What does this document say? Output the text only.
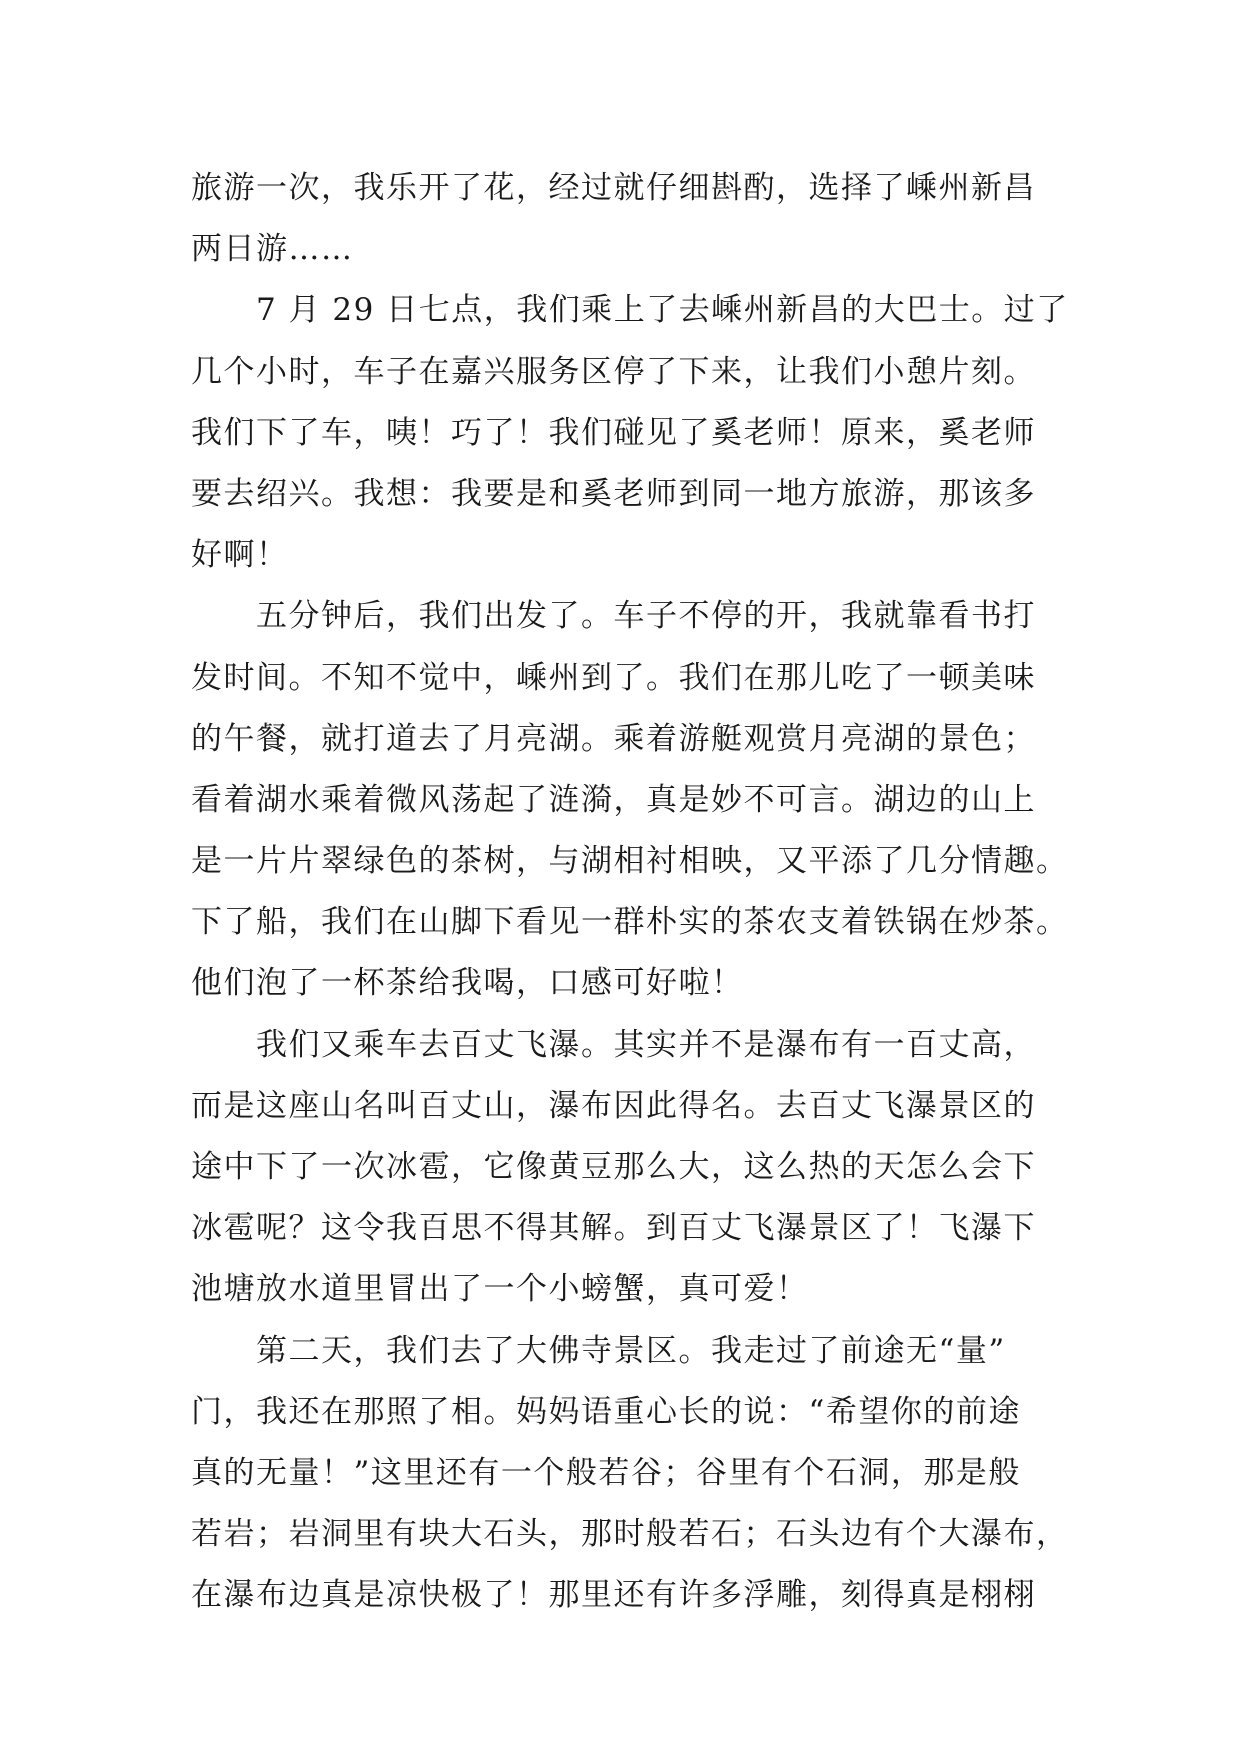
旅游一次，我乐开了花，经过就仔细斟酌，选择了嵊州新昌
两日游……
7 月 29 日七点，我们乘上了去嵊州新昌的大巴士。过了
几个小时，车子在嘉兴服务区停了下来，让我们小憩片刻。
我们下了车，咦！巧了！我们碰见了奚老师！原来，奚老师
要去绍兴。我想：我要是和奚老师到同一地方旅游，那该多
好啊！
五分钟后，我们出发了。车子不停的开，我就靠看书打
发时间。不知不觉中，嵊州到了。我们在那儿吃了一顿美味
的午餐，就打道去了月亮湖。乘着游艇观赏月亮湖的景色；
看着湖水乘着微风荡起了涟漪，真是妙不可言。湖边的山上
是一片片翠绿色的茶树，与湖相衬相映，又平添了几分情趣。
下了船，我们在山脚下看见一群朴实的茶农支着铁锅在炒茶。
他们泡了一杯茶给我喝，口感可好啦！
我们又乘车去百丈飞瀑。其实并不是瀑布有一百丈高，
而是这座山名叫百丈山，瀑布因此得名。去百丈飞瀑景区的
途中下了一次冰雹，它像黄豆那么大，这么热的天怎么会下
冰雹呢？这令我百思不得其解。到百丈飞瀑景区了！飞瀑下
池塘放水道里冒出了一个小螃蟹，真可爱！
第二天，我们去了大佛寺景区。我走过了前途无“量”
门，我还在那照了相。妈妈语重心长的说：“希望你的前途
真的无量！”这里还有一个般若谷；谷里有个石洞，那是般
若岩；岩洞里有块大石头，那时般若石；石头边有个大瀑布，
在瀑布边真是凉快极了！那里还有许多浮雕，刻得真是栩栩
